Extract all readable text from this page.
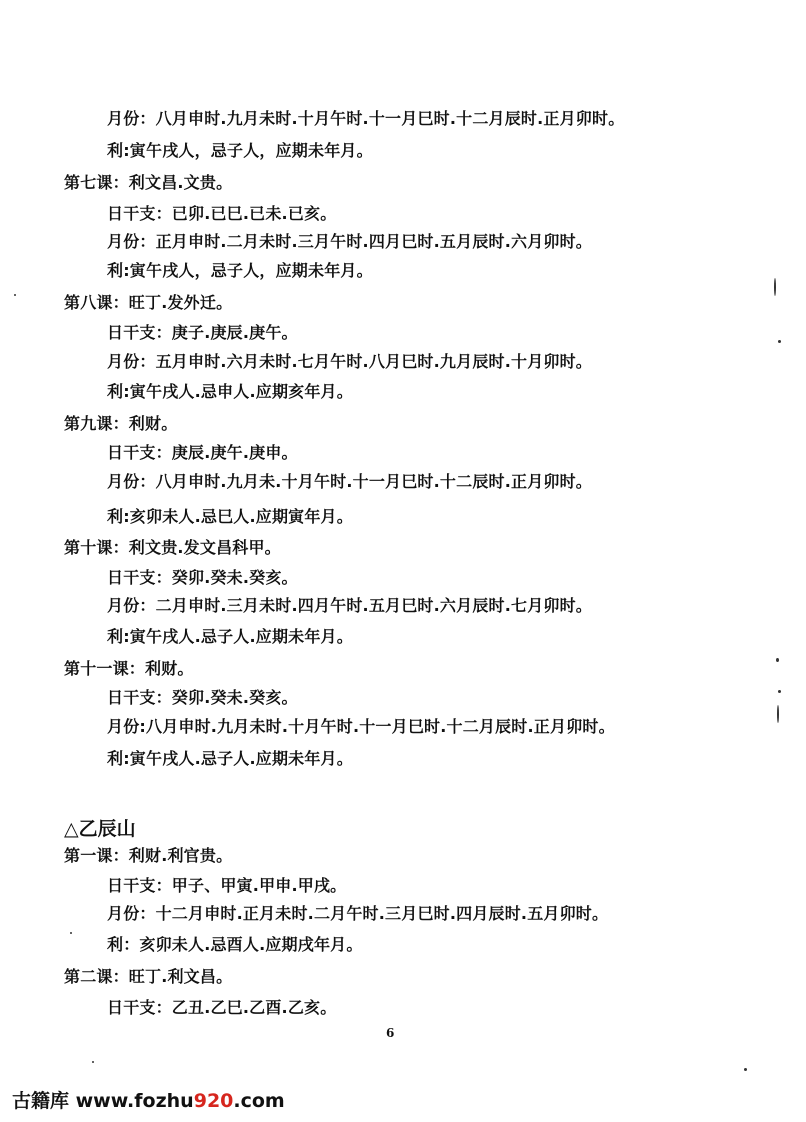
月份：八月申时.九月未时.十月午时.十一月巳时.十二月辰时.正月卯时。
利:寅午戌人，忌子人，应期未年月。
第七课：利文昌.文贵。
日干支：已卯.已巳.已未.已亥。
月份：正月申时.二月未时.三月午时.四月巳时.五月辰时.六月卯时。
利:寅午戌人，忌子人，应期未年月。
第八课：旺丁.发外迁。
日干支：庚子.庚辰.庚午。
月份：五月申时.六月未时.七月午时.八月巳时.九月辰时.十月卯时。
利:寅午戌人.忌申人.应期亥年月。
第九课：利财。
日干支：庚辰.庚午.庚申。
月份：八月申时.九月未.十月午时.十一月巳时.十二辰时.正月卯时。
利:亥卯未人.忌巳人.应期寅年月。
第十课：利文贵.发文昌科甲。
日干支：癸卯.癸未.癸亥。
月份：二月申时.三月未时.四月午时.五月巳时.六月辰时.七月卯时。
利:寅午戌人.忌子人.应期未年月。
第十一课：利财。
日干支：癸卯.癸未.癸亥。
月份:八月申时.九月未时.十月午时.十一月巳时.十二月辰时.正月卯时。
利:寅午戌人.忌子人.应期未年月。
△乙辰山
第一课：利财.利官贵。
日干支：甲子、甲寅.甲申.甲戌。
月份：十二月申时.正月未时.二月午时.三月巳时.四月辰时.五月卯时。
利：亥卯未人.忌酉人.应期戌年月。
第二课：旺丁.利文昌。
日干支：乙丑.乙巳.乙酉.乙亥。
6
古籍库 www.fozhu920.com
